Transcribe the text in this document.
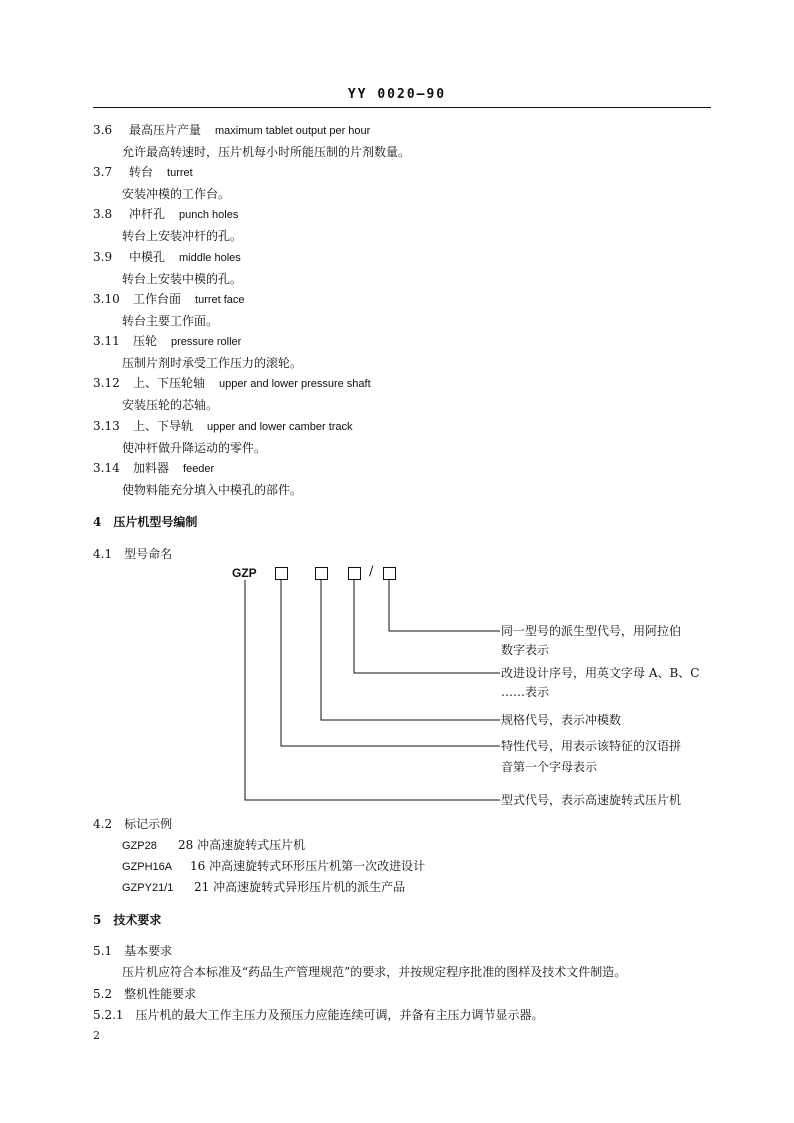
YY 0020—90
3.6 最高压片产量 maximum tablet output per hour
允许最高转速时，压片机每小时所能压制的片剂数量。
3.7 转台 turret
安装冲模的工作台。
3.8 冲杆孔 punch holes
转台上安装冲杆的孔。
3.9 中模孔 middle holes
转台上安装中模的孔。
3.10 工作台面 turret face
转台主要工作面。
3.11 压轮 pressure roller
压制片剂时承受工作压力的滚轮。
3.12 上、下压轮轴 upper and lower pressure shaft
安装压轮的芯轴。
3.13 上、下导轨 upper and lower camber track
使冲杆做升降运动的零件。
3.14 加料器 feeder
使物料能充分填入中模孔的部件。
4　压片机型号编制
4.1　型号命名
GZP	/
同一型号的派生型代号，用阿拉伯
数字表示
改进设计序号，用英文字母 A、B、C
……表示
规格代号，表示冲模数
特性代号，用表示该特征的汉语拼
音第一个字母表示
型式代号，表示高速旋转式压片机
4.2　标记示例
GZP28 28 冲高速旋转式压片机
GZPH16A 16 冲高速旋转式环形压片机第一次改进设计
GZPY21/1 21 冲高速旋转式异形压片机的派生产品
5　技术要求
5.1　基本要求
压片机应符合本标准及“药品生产管理规范”的要求，并按规定程序批准的图样及技术文件制造。
5.2　整机性能要求
5.2.1　压片机的最大工作主压力及预压力应能连续可调，并备有主压力调节显示器。
2
